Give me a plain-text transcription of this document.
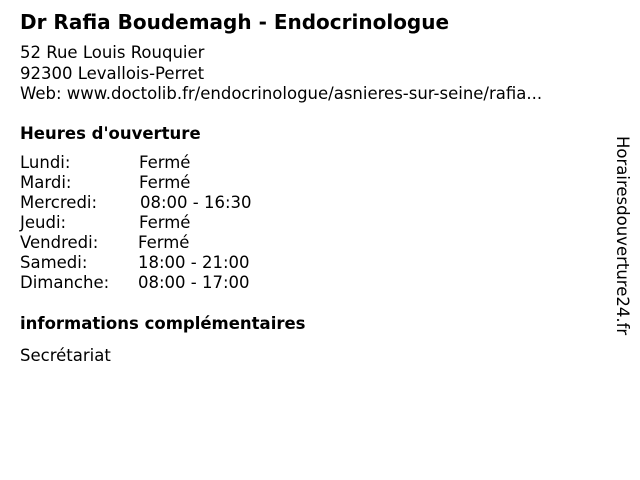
Dr Rafia Boudemagh - Endocrinologue
52 Rue Louis Rouquier
92300 Levallois-Perret
Web: www.doctolib.fr/endocrinologue/asnieres-sur-seine/rafia...
Heures d'ouverture
Lundi:	Fermé
Mardi:	Fermé
Mercredi:	08:00 - 16:30
Jeudi:	Fermé
Vendredi: Fermé
Samedi:	18:00 - 21:00
Dimanche: 08:00 - 17:00
informations complémentaires
Secrétariat
Horairesdouverture24.fr
